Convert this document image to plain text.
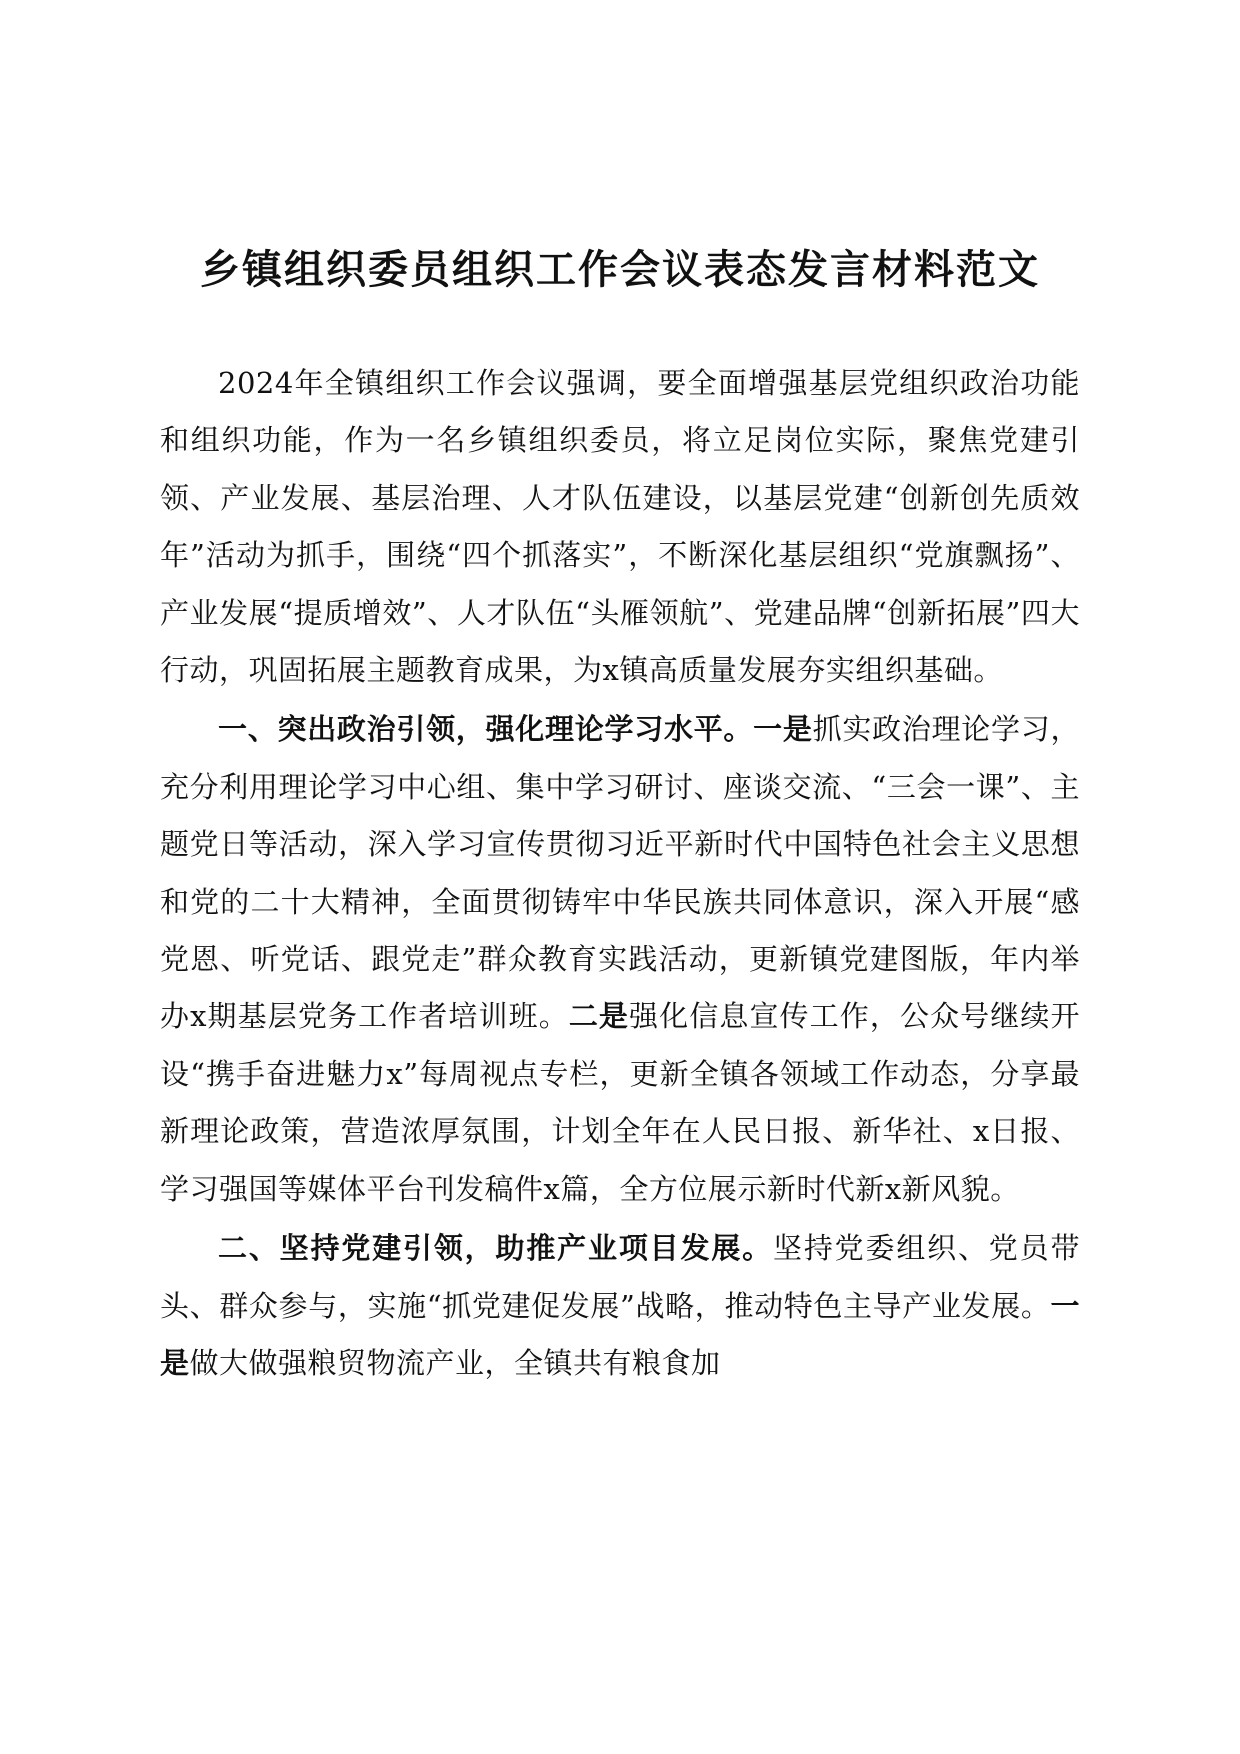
乡镇组织委员组织工作会议表态发言材料范文

2024年全镇组织工作会议强调，要全面增强基层党组织政治功能和组织功能，作为一名乡镇组织委员，将立足岗位实际，聚焦党建引领、产业发展、基层治理、人才队伍建设，以基层党建“创新创先质效年”活动为抓手，围绕“四个抓落实”，不断深化基层组织“党旗飘扬”、产业发展“提质增效”、人才队伍“头雁领航”、党建品牌“创新拓展”四大行动，巩固拓展主题教育成果，为x镇高质量发展夯实组织基础。

一、突出政治引领，强化理论学习水平。一是抓实政治理论学习，充分利用理论学习中心组、集中学习研讨、座谈交流、“三会一课”、主题党日等活动，深入学习宣传贯彻习近平新时代中国特色社会主义思想和党的二十大精神，全面贯彻铸牢中华民族共同体意识，深入开展“感党恩、听党话、跟党走”群众教育实践活动，更新镇党建图版，年内举办x期基层党务工作者培训班。二是强化信息宣传工作，公众号继续开设“携手奋进魅力x”每周视点专栏，更新全镇各领域工作动态，分享最新理论政策，营造浓厚氛围，计划全年在人民日报、新华社、x日报、学习强国等媒体平台刊发稿件x篇，全方位展示新时代新x新风貌。

二、坚持党建引领，助推产业项目发展。坚持党委组织、党员带头、群众参与，实施“抓党建促发展”战略，推动特色主导产业发展。一是做大做强粮贸物流产业，全镇共有粮食加
